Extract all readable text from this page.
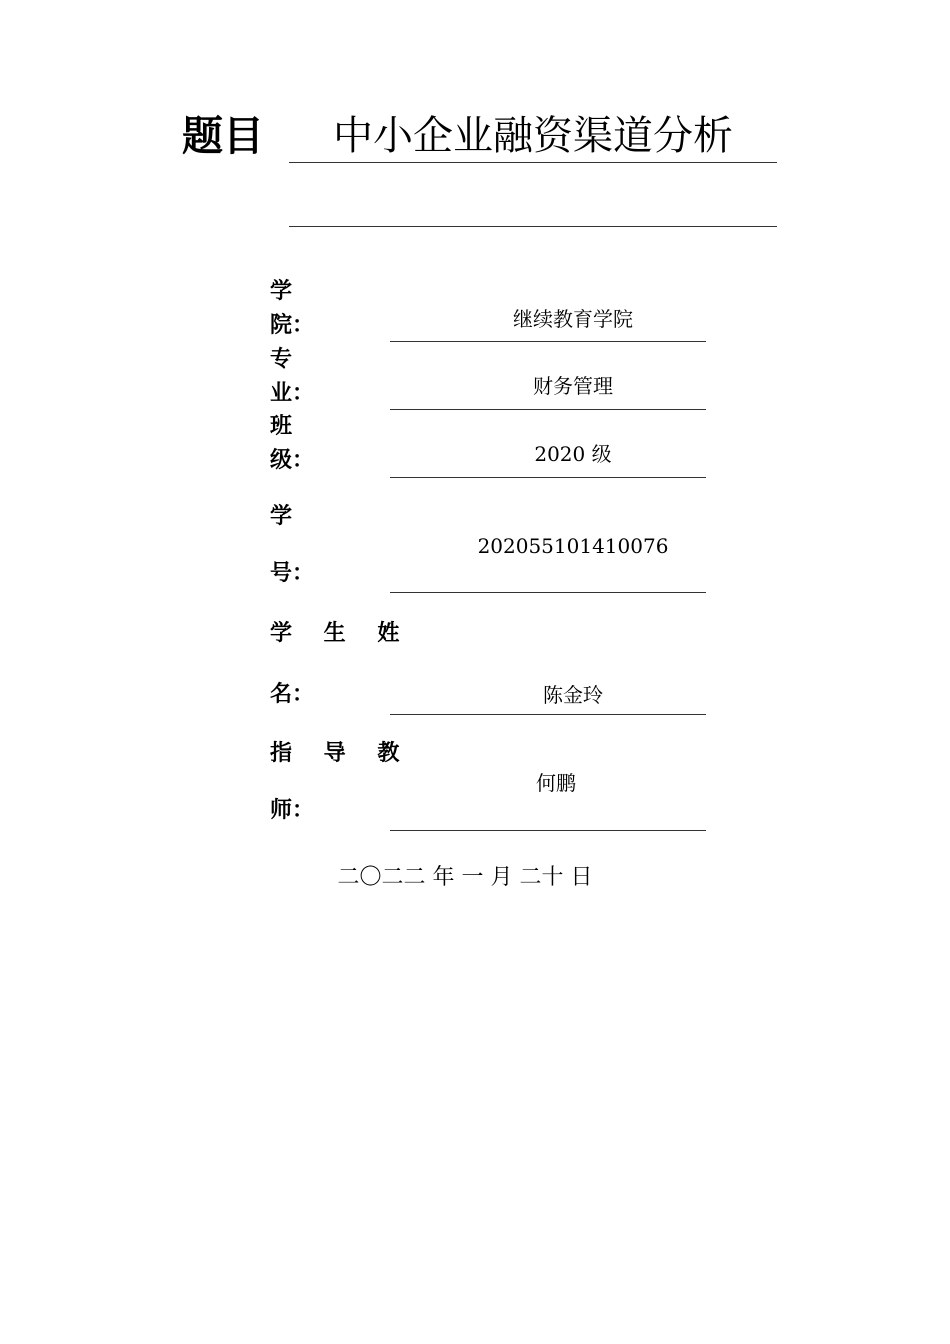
题目	中小企业融资渠道分析
学
院：	继续教育学院
专
业：	财务管理
班
级：	2020 级
学
号：
202055101410076
学 生 姓
名：	陈金玲
指 导 教
师：
何鹏
二〇二二 年 一 月 二十 日
